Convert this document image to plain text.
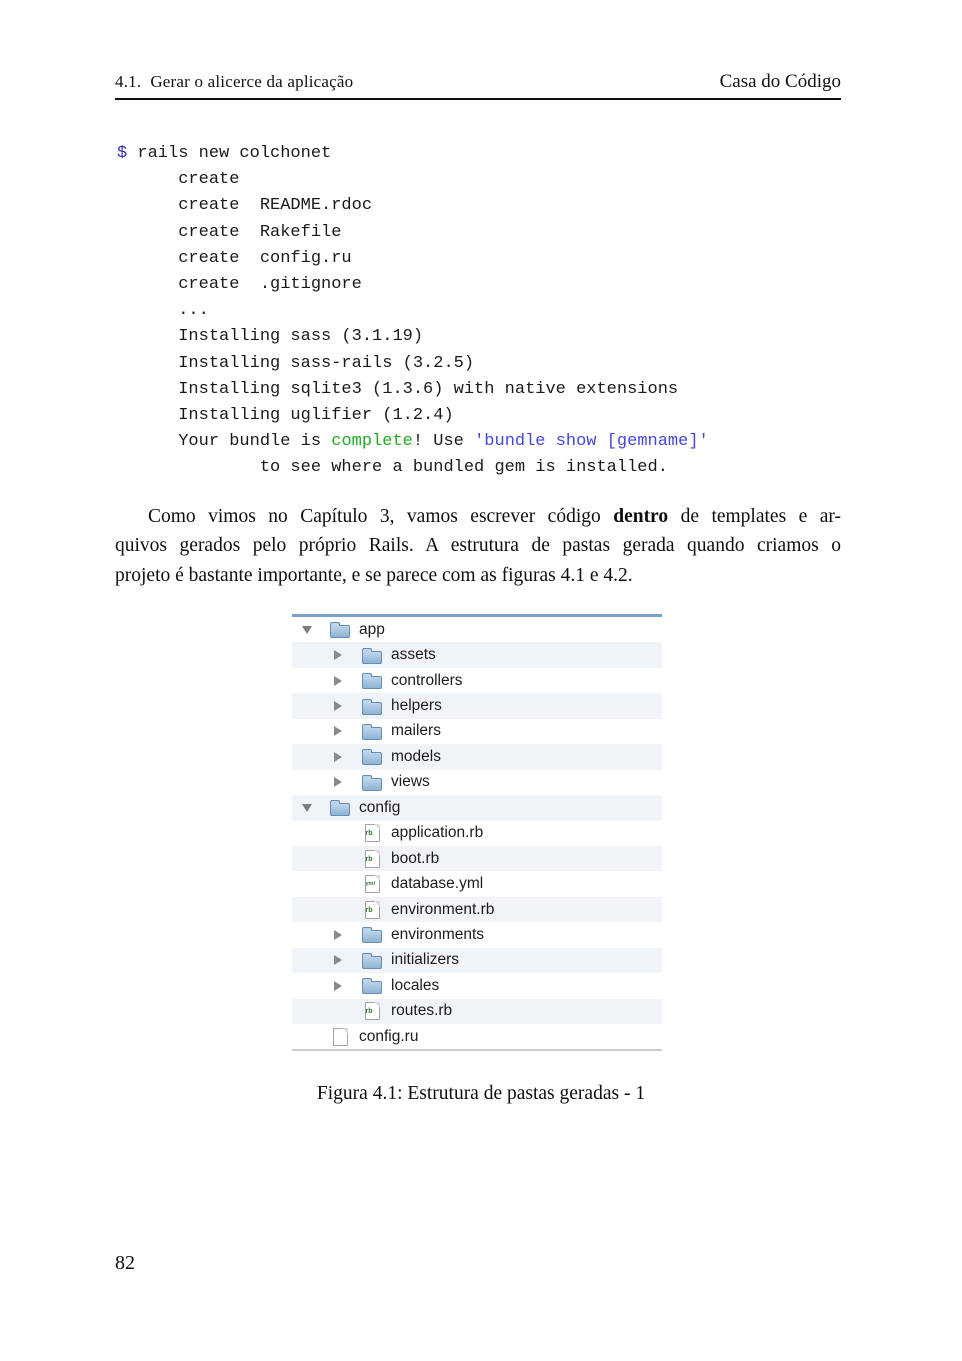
4.1. Gerar o alicerce da aplicação	Casa do Código
$ rails new colchonet
create
create  README.rdoc
create  Rakefile
create  config.ru
create  .gitignore
...
Installing sass (3.1.19)
Installing sass-rails (3.2.5)
Installing sqlite3 (1.3.6) with native extensions
Installing uglifier (1.2.4)
Your bundle is complete! Use 'bundle show [gemname]'
to see where a bundled gem is installed.
Como vimos no Capítulo 3, vamos escrever código dentro de templates e ar-
quivos gerados pelo próprio Rails. A estrutura de pastas gerada quando criamos o
projeto é bastante importante, e se parece com as figuras 4.1 e 4.2.
app
assets
controllers
helpers
mailers
models
views
config
rb application.rb
rb boot.rb
yml database.yml
rb environment.rb
environments
initializers
locales
rb routes.rb
config.ru
Figura 4.1: Estrutura de pastas geradas - 1
82
